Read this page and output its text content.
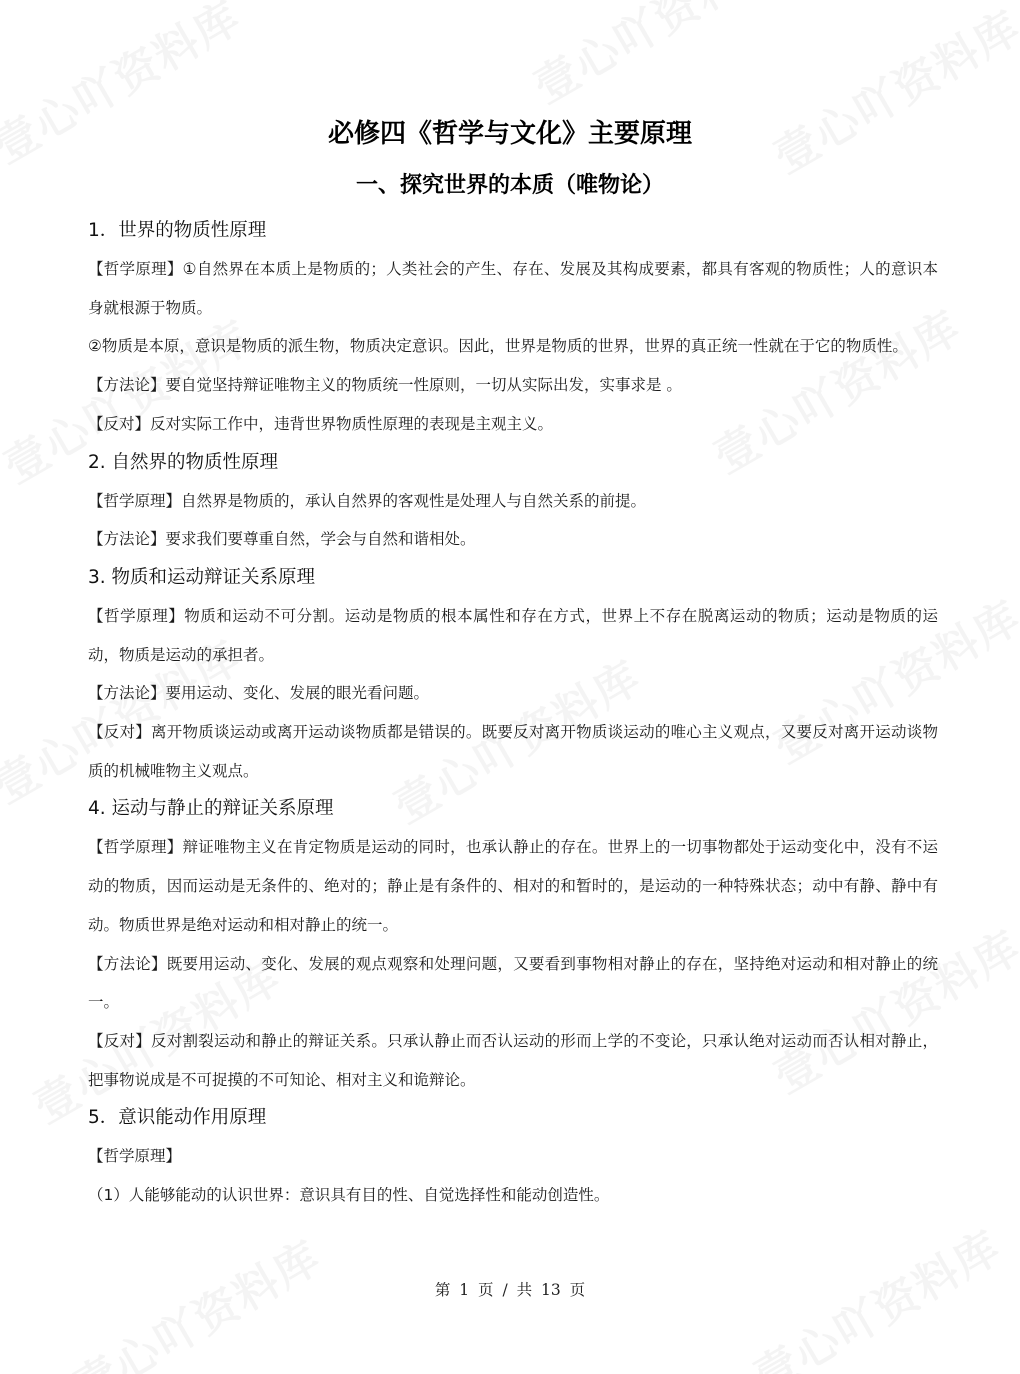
必修四《哲学与文化》主要原理
一、探究世界的本质（唯物论）
1．世界的物质性原理
【哲学原理】①自然界在本质上是物质的；人类社会的产生、存在、发展及其构成要素，都具有客观的物质性；人的意识本身就根源于物质。
②物质是本原，意识是物质的派生物，物质决定意识。因此，世界是物质的世界，世界的真正统一性就在于它的物质性。
【方法论】要自觉坚持辩证唯物主义的物质统一性原则，一切从实际出发，实事求是 。
【反对】反对实际工作中，违背世界物质性原理的表现是主观主义。
2. 自然界的物质性原理
【哲学原理】自然界是物质的，承认自然界的客观性是处理人与自然关系的前提。
【方法论】要求我们要尊重自然，学会与自然和谐相处。
3. 物质和运动辩证关系原理
【哲学原理】物质和运动不可分割。运动是物质的根本属性和存在方式，世界上不存在脱离运动的物质；运动是物质的运动，物质是运动的承担者。
【方法论】要用运动、变化、发展的眼光看问题。
【反对】离开物质谈运动或离开运动谈物质都是错误的。既要反对离开物质谈运动的唯心主义观点，又要反对离开运动谈物质的机械唯物主义观点。
4. 运动与静止的辩证关系原理
【哲学原理】辩证唯物主义在肯定物质是运动的同时，也承认静止的存在。世界上的一切事物都处于运动变化中，没有不运动的物质，因而运动是无条件的、绝对的；静止是有条件的、相对的和暂时的，是运动的一种特殊状态；动中有静、静中有动。物质世界是绝对运动和相对静止的统一。
【方法论】既要用运动、变化、发展的观点观察和处理问题，又要看到事物相对静止的存在，坚持绝对运动和相对静止的统一。
【反对】反对割裂运动和静止的辩证关系。只承认静止而否认运动的形而上学的不变论，只承认绝对运动而否认相对静止，把事物说成是不可捉摸的不可知论、相对主义和诡辩论。
5．意识能动作用原理
【哲学原理】
（1）人能够能动的认识世界：意识具有目的性、自觉选择性和能动创造性。
第 1 页 / 共 13 页
